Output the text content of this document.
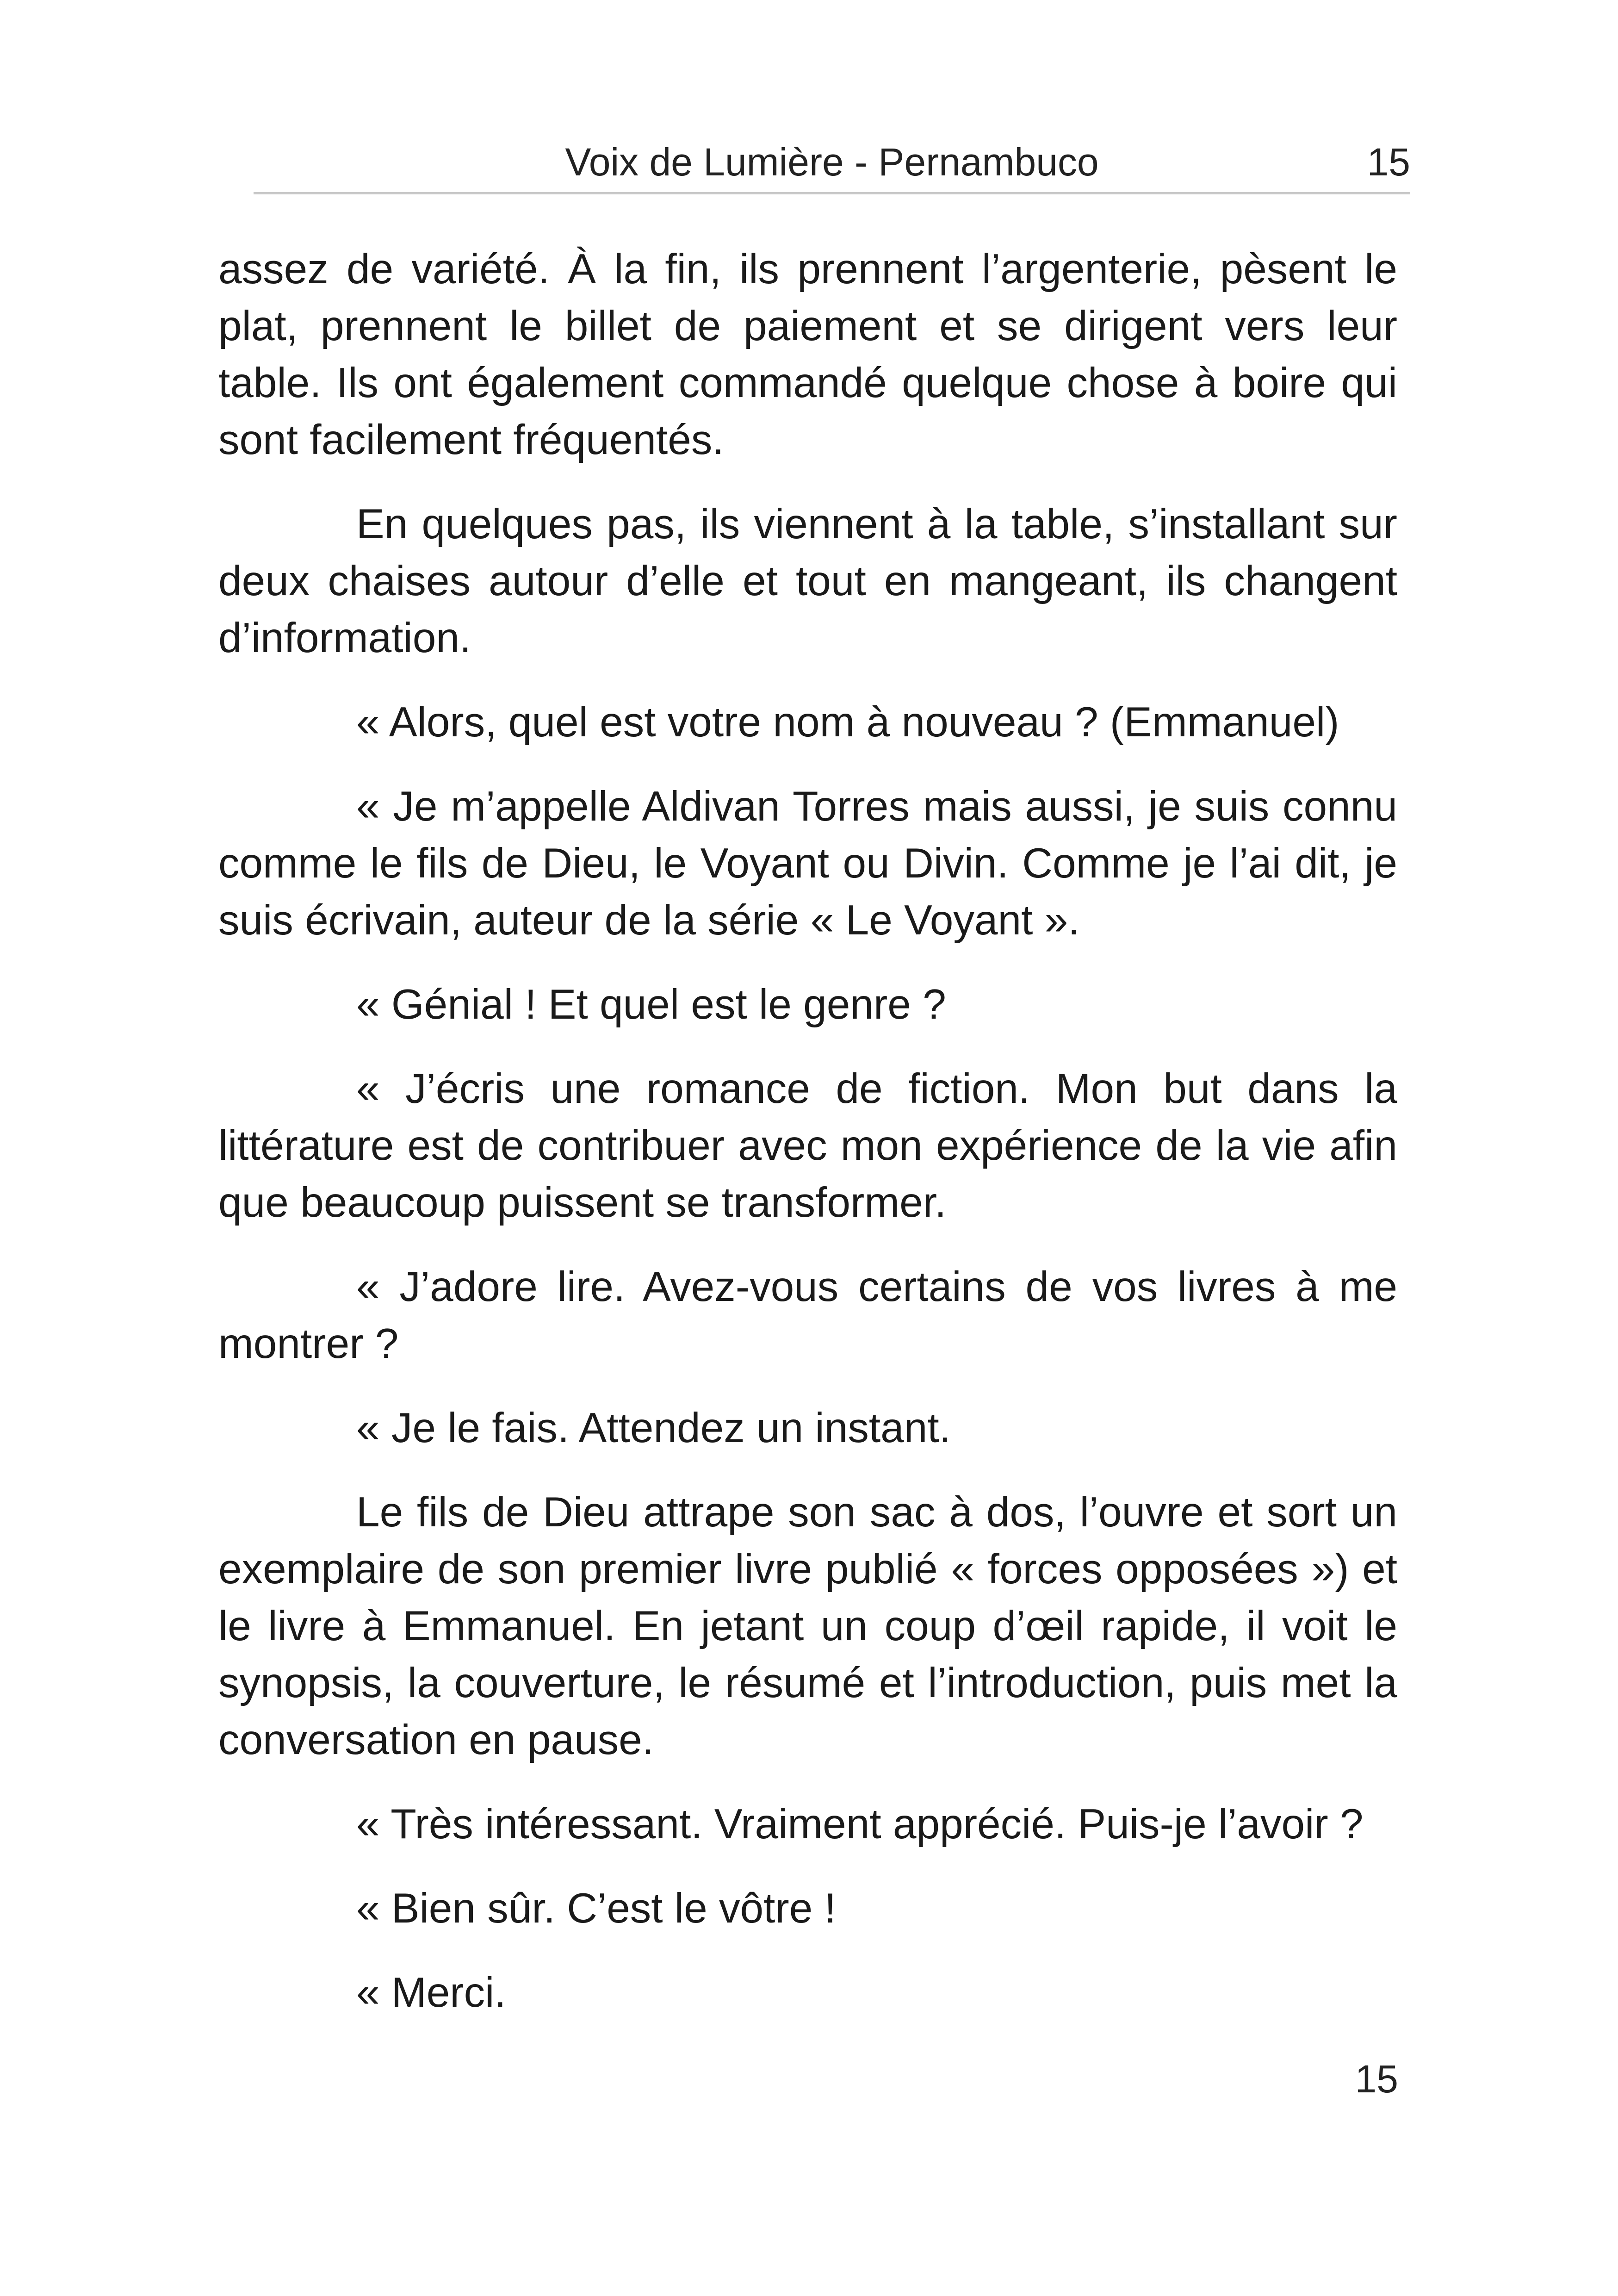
Voix de Lumière - Pernambuco	15

assez de variété. À la fin, ils prennent l’argenterie, pèsent le plat, prennent le billet de paiement et se dirigent vers leur table. Ils ont également commandé quelque chose à boire qui sont facilement fréquentés.

En quelques pas, ils viennent à la table, s’installant sur deux chaises autour d’elle et tout en mangeant, ils changent d’information.

« Alors, quel est votre nom à nouveau ? (Emmanuel)

« Je m’appelle Aldivan Torres mais aussi, je suis connu comme le fils de Dieu, le Voyant ou Divin. Comme je l’ai dit, je suis écrivain, auteur de la série « Le Voyant ».

« Génial ! Et quel est le genre ?

« J’écris une romance de fiction. Mon but dans la littérature est de contribuer avec mon expérience de la vie afin que beaucoup puissent se transformer.

« J’adore lire. Avez-vous certains de vos livres à me montrer ?

« Je le fais. Attendez un instant.

Le fils de Dieu attrape son sac à dos, l’ouvre et sort un exemplaire de son premier livre publié « forces opposées ») et le livre à Emmanuel. En jetant un coup d’œil rapide, il voit le synopsis, la couverture, le résumé et l’introduction, puis met la conversation en pause.

« Très intéressant. Vraiment apprécié. Puis-je l’avoir ?

« Bien sûr. C’est le vôtre !

« Merci.

15
